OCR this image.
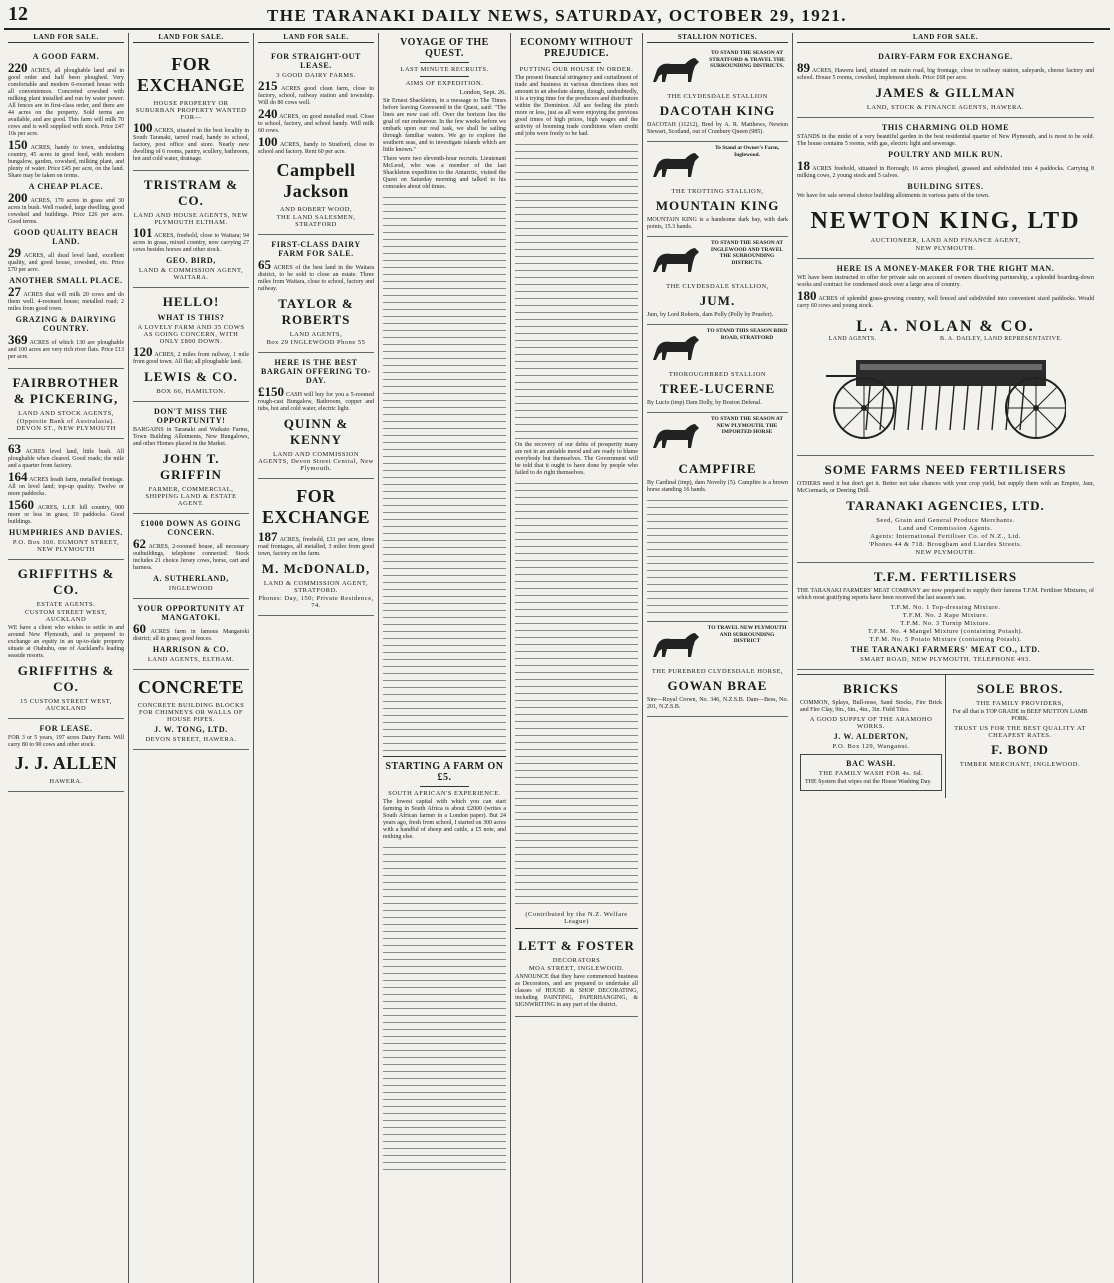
12	THE TARANAKI DAILY NEWS, SATURDAY, OCTOBER 29, 1921.
LAND FOR SALE.
A GOOD FARM.
220 ACRES, all ploughable land and in good order and half been ploughed. Very comfortable and modern 6-roomed house with all conveniences. Concreted cowshed with milking plant installed and run by water power. All fences are in first-class order, and there are 44 acres on the property. Sold terms are available, and are good. This farm will milk 70 cows and is well supplied with stock. Price £47 10s per acre.
150 ACRES, handy to town, undulating country, 45 acres in good feed, with modern bungalow, garden, cowshed, milking plant, and plenty of water. Price £45 per acre, on the land. Share may be taken on terms.
A CHEAP PLACE.
200 ACRES, 170 acres in grass and 30 acres in bush. Well roaded, large dwelling, good cowshed and buildings. Price £26 per acre. Good terms.
GOOD QUALITY BEACH LAND.
29 ACRES, all dead level land, excellent quality, and good house, cowshed, etc. Price £70 per acre.
ANOTHER SMALL PLACE.
27 ACRES that will milk 20 cows and do them well. 4-roomed house; metalled road; 2 miles from good town.
GRAZING & DAIRYING COUNTRY.
369 ACRES of which 130 are ploughable and 100 acres are very rich river flats. Price £13 per acre.
FAIRBROTHER & PICKERING,
LAND AND STOCK AGENTS,
(Opposite Bank of Australasia). DEVON ST., NEW PLYMOUTH
63 ACRES level land, little bush. All ploughable when cleared. Good roads; the mile and a quarter from factory.
164 ACRES heath farm, metalled frontage. All on level land; top-up quality. Twelve or more paddocks.
1560 ACRES, L.I.P. hill country, 900 more or less in grass; 10 paddocks. Good buildings.
HUMPHRIES AND DAVIES.
P.O. Box 100. EGMONT STREET, NEW PLYMOUTH
GRIFFITHS & CO.
ESTATE AGENTS.
CUSTOM STREET WEST, AUCKLAND
WE have a client who wishes to settle in and around New Plymouth, and is prepared to exchange an equity in an up-to-date property situate at Otahuhu, one of Auckland's leading seaside resorts.
GRIFFITHS & CO.
15 CUSTOM STREET WEST, AUCKLAND
FOR LEASE.
FOR 3 or 5 years, 197 acres Dairy Farm. Will carry 80 to 90 cows and other stock.
J. J. ALLEN
HAWERA.
LAND FOR SALE.
FOR EXCHANGE
HOUSE PROPERTY OR SUBURBAN PROPERTY WANTED FOR—
100 ACRES, situated in the best locality in South Taranaki, tarred road, handy to school, factory, post office and store. Nearly new dwelling of 6 rooms, pantry, scullery, bathroom, hot and cold water, drainage.
TRISTRAM & CO.
LAND AND HOUSE AGENTS, NEW PLYMOUTH ELTHAM.
101 ACRES, freehold, close to Waitara; 94 acres in grass, mixed country, now carrying 27 cows besides horses and other stock.
GEO. BIRD,
LAND & COMMISSION AGENT, WAITARA.
HELLO!
WHAT IS THIS?
A LOVELY FARM AND 35 COWS AS GOING CONCERN, WITH ONLY £800 DOWN.
120 ACRES, 2 miles from railway, 1 mile from good town. All flat; all ploughable land.
LEWIS & CO.
BOX 66, HAMILTON.
DON'T MISS THE OPPORTUNITY!
BARGAINS in Taranaki and Waikato Farms, Town Building Allotments, New Bungalows, and other Homes placed in the Market.
JOHN T. GRIFFIN
FARMER, COMMERCIAL, SHIPPING LAND & ESTATE AGENT.
£1000 DOWN AS GOING CONCERN.
62 ACRES, 2-roomed house, all necessary outbuildings, telephone connected. Stock includes 21 choice Jersey cows, horse, cart and harness.
A. SUTHERLAND,
INGLEWOOD
YOUR OPPORTUNITY AT MANGATOKI.
60 ACRES farm in famous Mangatoki district; all in grass; good fences.
HARRISON & CO.
LAND AGENTS, ELTHAM.
CONCRETE
CONCRETE BUILDING BLOCKS FOR CHIMNEYS OR WALLS OF HOUSE PIPES.
J. W. TONG, LTD.
DEVON STREET, HAWERA.
LAND FOR SALE.
FOR STRAIGHT-OUT LEASE.
3 GOOD DAIRY FARMS.
215 ACRES good clean farm, close to factory, school, railway station and township. Will do 80 cows well.
240 ACRES, on good metalled road. Close to school, factory, and school handy. Will milk 60 cows.
100 ACRES, handy to Stratford, close to school and factory. Rent 60 per acre.
Campbell Jackson
AND ROBERT WOOD,
THE LAND SALESMEN, STRATFORD
FIRST-CLASS DAIRY FARM FOR SALE.
65 ACRES of the best land in the Waitara district, to be sold to close an estate. Three miles from Waitara, close to school, factory and railway.
TAYLOR & ROBERTS
LAND AGENTS,
Box 29 INGLEWOOD Phone 55
HERE IS THE BEST BARGAIN OFFERING TO-DAY.
£150 CASH will buy for you a 5-roomed rough-cast Bungalow, Bathroom, copper and tubs, hot and cold water, electric light.
QUINN & KENNY
LAND AND COMMISSION AGENTS, Devon Street Central, New Plymouth.
FOR EXCHANGE
187 ACRES, freehold, £31 per acre, three road frontages, all metalled, 3 miles from good town, factory on the farm.
M. McDONALD,
LAND & COMMISSION AGENT, STRATFORD.
Phones: Day, 150; Private Residence, 74.
VOYAGE OF THE QUEST.
LAST MINUTE RECRUITS.
AIMS OF EXPEDITION.
London, Sept. 26.
Sir Ernest Shackleton, in a message to The Times before leaving Gravesend in the Quest, said: "The lines are now cast off. Over the horizon lies the goal of our endeavour. In the few weeks before we embark upon our real task, we shall be sailing through familiar waters. We go to explore the southern seas, and to investigate islands which are little known."
There were two eleventh-hour recruits. Lieutenant McLeod, who was a member of the last Shackleton expedition to the Antarctic, visited the Quest on Saturday morning and talked to his comrades about old times.
STARTING A FARM ON £5.
SOUTH AFRICAN'S EXPERIENCE.
The lowest capital with which you can start farming in South Africa is about £2000 (writes a South African farmer in a London paper). But 24 years ago, fresh from school, I started on 300 acres with a handful of sheep and cattle, a £5 note, and nothing else.
ECONOMY WITHOUT PREJUDICE.
PUTTING OUR HOUSE IN ORDER.
The present financial stringency and curtailment of trade and business in various directions does not amount to an absolute slump, though, undoubtedly, it is a trying time for the producers and distributors within the Dominion. All are feeling the pinch more or less, just as all were enjoying the previous good times of high prices, high wages and the activity of booming trade conditions when credit and jobs were freely to be had.
On the recovery of our debts of prosperity many are not in an amiable mood and are ready to blame everybody but themselves. The Government will be told that it ought to have done by people who failed to do right themselves.
(Contributed by the N.Z. Welfare League)
LETT & FOSTER
DECORATORS
MOA STREET, INGLEWOOD.
ANNOUNCE that they have commenced business as Decorators, and are prepared to undertake all classes of HOUSE & SHOP DECORATING, including PAINTING, PAPERHANGING, & SIGNWRITING in any part of the district.
STALLION NOTICES.
TO STAND THE SEASON AT STRATFORD & TRAVEL THE SURROUNDING DISTRICTS.
THE CLYDESDALE STALLION
DACOTAH KING
DACOTAH (11212), Bred by A. R. Matthews, Newton Stewart, Scotland, out of Cranbury Queen (985).
To Stand at Owner's Farm, Inglewood.
THE TROTTING STALLION,
MOUNTAIN KING
MOUNTAIN KING is a handsome dark bay, with dark points, 15.3 hands.
TO STAND THE SEASON AT INGLEWOOD AND TRAVEL THE SURROUNDING DISTRICTS.
THE CLYDESDALE STALLION,
JUM.
Jum, by Lord Roberts, dam Polly (Polly by Pruefer).
TO STAND THIS SEASON BIRD ROAD, STRATFORD
THOROUGHBRED STALLION
TREE-LUCERNE
By Lucio (imp) Dam Dolly, by Boston Defenal.
TO STAND THE SEASON AT NEW PLYMOUTH. THE IMPORTED HORSE
CAMPFIRE
By Cardinal (imp), dam Novelty (5). Campfire is a brown horse standing 16 hands.
TO TRAVEL NEW PLYMOUTH AND SURROUNDING DISTRICT
THE PUREBRED CLYDESDALE HORSE,
GOWAN BRAE
Sire—Royal Crown, No. 346, N.Z.S.B. Dam—Bess, No. 201, N.Z.S.B.
LAND FOR SALE.
DAIRY-FARM FOR EXCHANGE.
89 ACRES, Hawera land, situated on main road, big frontage, close to railway station, saleyards, cheese factory and school. House 5 rooms, cowshed, implement sheds. Price £68 per acre.
JAMES & GILLMAN
LAND, STOCK & FINANCE AGENTS, HAWERA.
THIS CHARMING OLD HOME
STANDS in the midst of a very beautiful garden in the best residential quarter of New Plymouth, and is most to be sold. The house contains 5 rooms, with gas, electric light and sewerage.
POULTRY AND MILK RUN.
18 ACRES freehold, situated in Borough; 16 acres ploughed, grassed and subdivided into 4 paddocks. Carrying 8 milking cows, 2 young stock and 5 calves.
BUILDING SITES.
We have for sale several choice building allotments in various parts of the town.
NEWTON KING, LTD
AUCTIONEER, LAND AND FINANCE AGENT,
NEW PLYMOUTH.
HERE IS A MONEY-MAKER FOR THE RIGHT MAN.
WE have been instructed to offer for private sale on account of owners dissolving partnership, a splendid boarding-down works and contract for condensed stock over a large area of country.
180 ACRES of splendid grass-growing country, well fenced and subdivided into convenient sized paddocks. Would carry 60 cows and young stock.
L. A. NOLAN & CO.
LAND AGENTS.	B. A. DAILEY, LAND REPRESENTATIVE.
SOME FARMS NEED FERTILISERS
OTHERS need it but don't get it. Better not take chances with your crop yield, but supply them with an Empire, Jaur, McCormack, or Deering Drill.
TARANAKI AGENCIES, LTD.
Seed, Grain and General Produce Merchants.
Land and Commission Agents.
Agents: International Fertiliser Co. of N.Z., Ltd.
'Phones 44 & 718. Brougham and Liardes Streets.
NEW PLYMOUTH.
T.F.M. FERTILISERS
THE TARANAKI FARMERS' MEAT COMPANY are now prepared to supply their famous T.F.M. Fertiliser Mixtures, of which most gratifying reports have been received the last season's use.
T.F.M. No. 1 Top-dressing Mixture.
T.F.M. No. 2 Rape Mixture.
T.F.M. No. 3 Turnip Mixture.
T.F.M. No. 4 Mangel Mixture (containing Potash).
T.F.M. No. 5 Potato Mixture (containing Potash).
THE TARANAKI FARMERS' MEAT CO., LTD.
SMART ROAD, NEW PLYMOUTH. TELEPHONE 493.
BRICKS
COMMON, Splays, Bull-nose, Sand Stocks, Fire Brick and Fire Clay, 9in., 6in., 4in., 3in. Field Tiles.
A GOOD SUPPLY OF THE ARAMOHO WORKS.
J. W. ALDERTON,
P.O. Box 129, Wanganui.
BAC WASH.
THE FAMILY WASH FOR 4s. 6d.
THE System that wipes out the House Washing Day.
SOLE BROS.
THE FAMILY PROVIDERS,
For all that is TOP GRADE in BEEF MUTTON LAMB PORK.
TRUST US FOR THE BEST QUALITY AT CHEAPEST RATES.
F. BOND
TIMBER MERCHANT, INGLEWOOD.
